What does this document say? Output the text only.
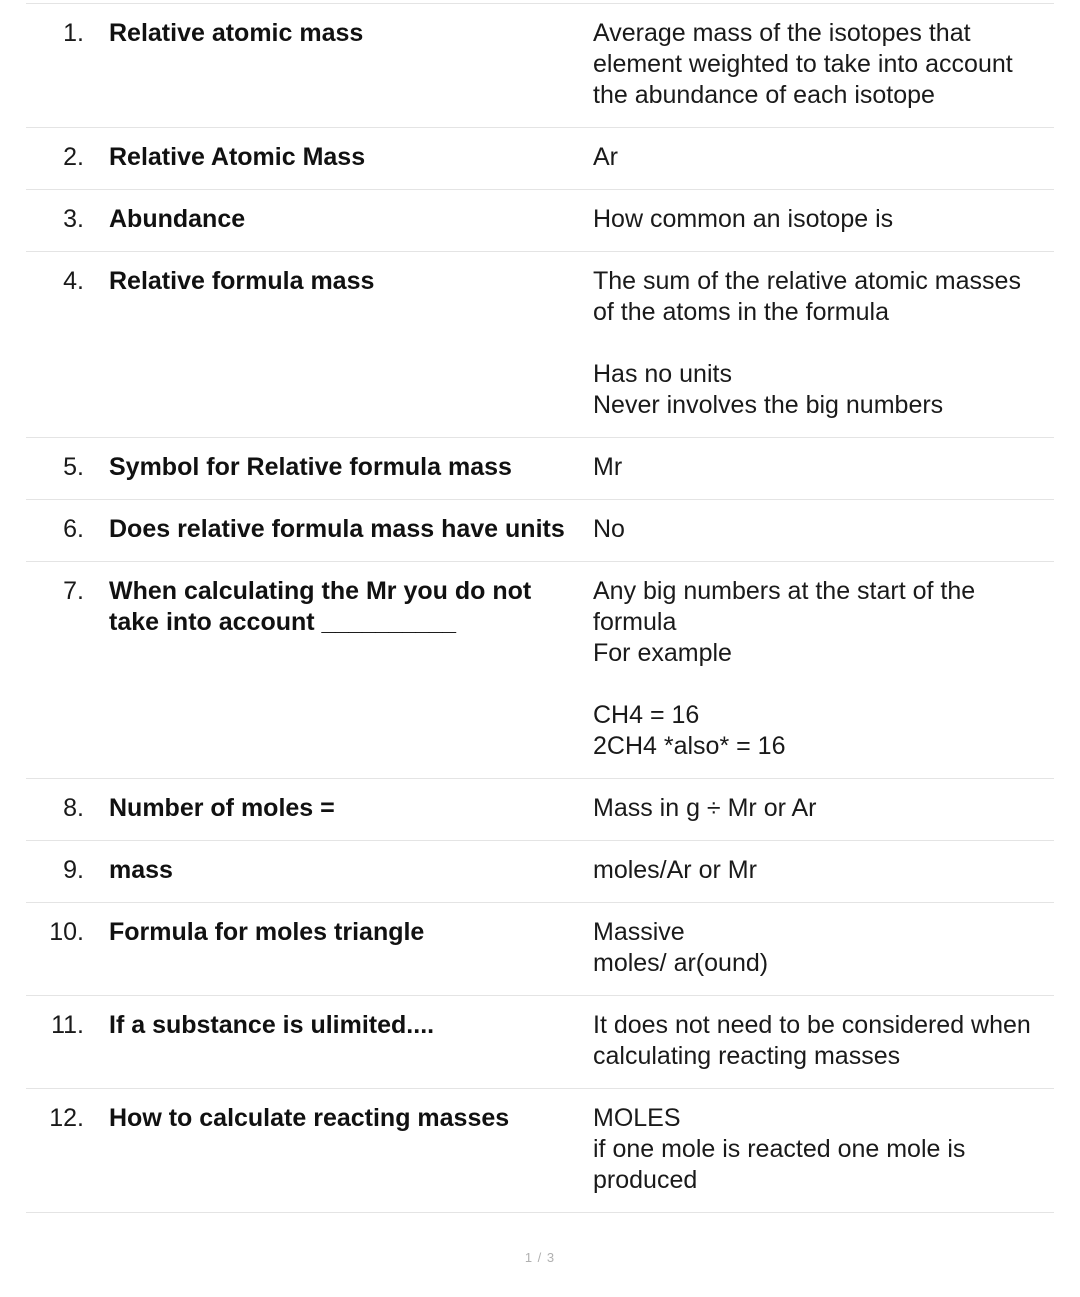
1.	Relative atomic mass	Average mass of the isotopes that element weighted to take into account the abundance of each isotope

2.	Relative Atomic Mass	Ar

3.	Abundance	How common an isotope is

4.	Relative formula mass	The sum of the relative atomic masses of the atoms in the formula
Has no units
Never involves the big numbers

5.	Symbol for Relative formula mass	Mr

6.	Does relative formula mass have units	No

7.	When calculating the Mr you do not take into account __________	Any big numbers at the start of the formula
For example
CH4 = 16
2CH4 *also* = 16

8.	Number of moles =	Mass in g ÷ Mr or Ar

9.	mass	moles/Ar or Mr

10.	Formula for moles triangle	Massive
moles/ ar(ound)

11.	If a substance is ulimited....	It does not need to be considered when calculating reacting masses

12.	How to calculate reacting masses	MOLES
if one mole is reacted one mole is produced
1 / 3
